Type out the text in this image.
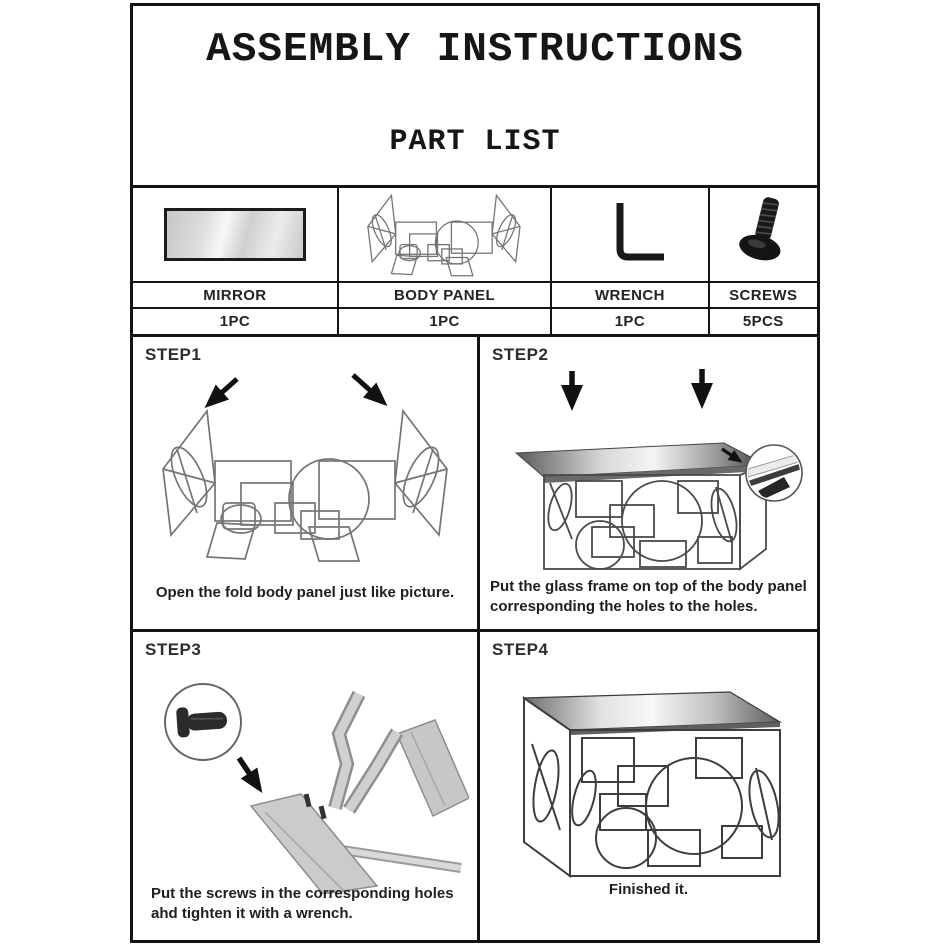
ASSEMBLY INSTRUCTIONS
PART LIST
MIRROR	BODY PANEL	WRENCH	SCREWS
1PC	1PC	1PC	5PCS
STEP1
Open the fold body panel just like picture.
STEP2
Put the glass frame on top of the body panel corresponding the holes to the holes.
STEP3
Put the screws in the corresponding holes ahd tighten it with a wrench.
STEP4
Finished it.
